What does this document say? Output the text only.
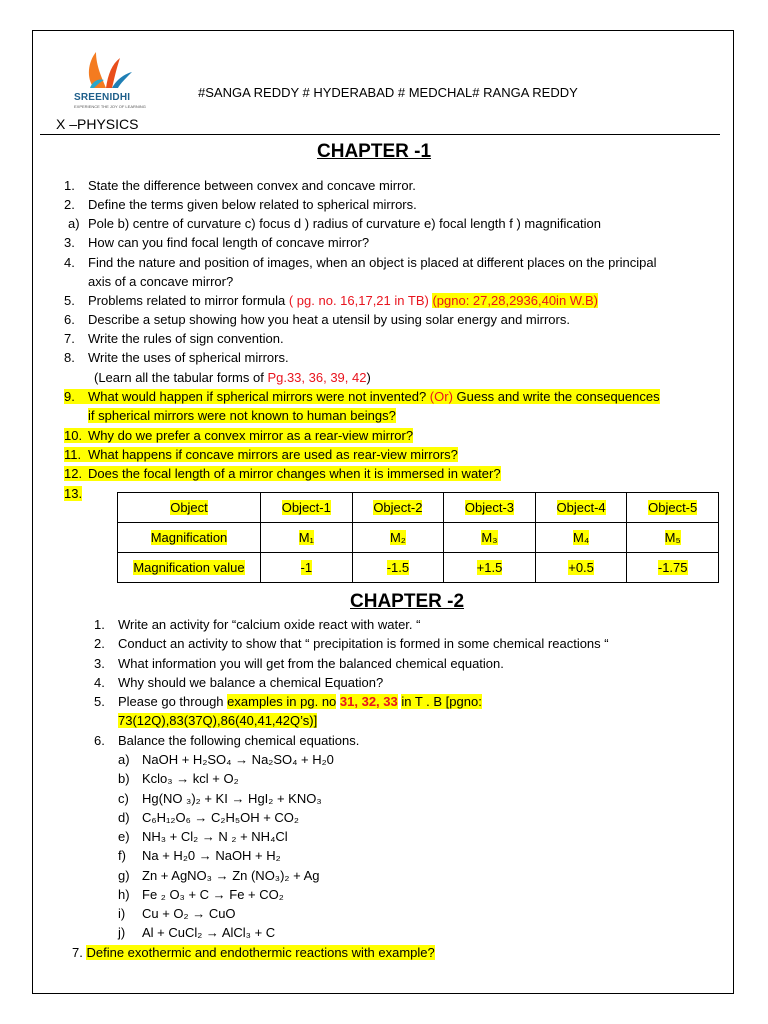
SREENIDHI
EXPERIENCE THE JOY OF LEARNING
#SANGA REDDY # HYDERABAD # MEDCHAL# RANGA REDDY
X –PHYSICS
CHAPTER -1
1. State the difference between convex and concave mirror.
2. Define the terms given below related to spherical mirrors.
a) Pole b) centre of curvature c) focus d ) radius of curvature e) focal length f ) magnification
3. How can you find focal length of concave mirror?
4. Find the nature and position of images, when an object is placed at different places on the principal
axis of a concave mirror?
5. Problems related to mirror formula ( pg. no. 16,17,21 in TB) (pgno: 27,28,2936,40in W.B)
6. Describe a setup showing how you heat a utensil by using solar energy and mirrors.
7. Write the rules of sign convention.
8. Write the uses of spherical mirrors.
(Learn all the tabular forms of Pg.33, 36, 39, 42)
9. What would happen if spherical mirrors were not invented? (Or) Guess and write the consequences
if spherical mirrors were not known to human beings?
10. Why do we prefer a convex mirror as a rear-view mirror?
11. What happens if concave mirrors are used as rear-view mirrors?
12. Does the focal length of a mirror changes when it is immersed in water?
13.
Object	Object-1	Object-2	Object-3	Object-4	Object-5
Magnification	M₁	M₂	M₃	M₄	M₅
Magnification value	-1	-1.5	+1.5	+0.5	-1.75
CHAPTER -2
1. Write an activity for “calcium oxide react with water. “
2. Conduct an activity to show that “ precipitation is formed in some chemical reactions “
3. What information you will get from the balanced chemical equation.
4. Why should we balance a chemical Equation?
5. Please go through examples in pg. no 31, 32, 33 in T . B [pgno:
73(12Q),83(37Q),86(40,41,42Q’s)]
6. Balance the following chemical equations.
a) NaOH + H₂SO₄ → Na₂SO₄ + H₂0
b) Kclo₃ → kcl + O₂
c) Hg(NO ₃)₂ + KI → HgI₂ + KNO₃
d) C₆H₁₂O₆ → C₂H₅OH + CO₂
e) NH₃ + Cl₂ → N ₂ + NH₄Cl
f) Na + H₂0 → NaOH + H₂
g) Zn + AgNO₃ → Zn (NO₃)₂ + Ag
h) Fe ₂ O₃ + C → Fe + CO₂
i) Cu + O₂ → CuO
j) Al + CuCl₂ → AlCl₃ + C
7. Define exothermic and endothermic reactions with example?
